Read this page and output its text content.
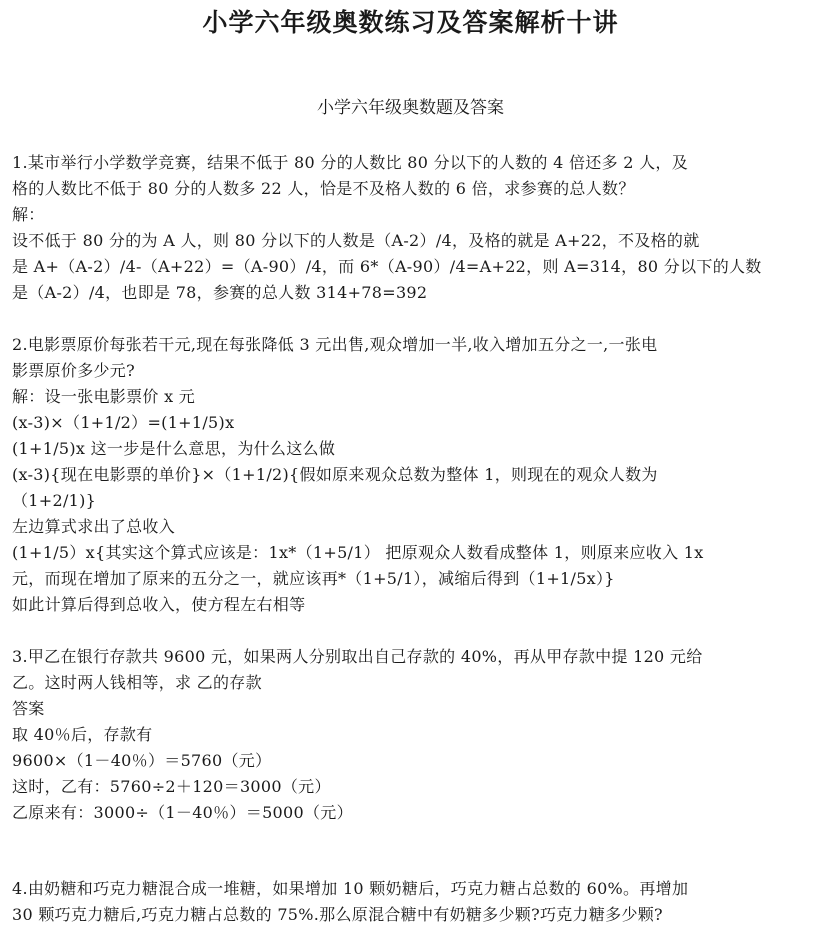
小学六年级奥数练习及答案解析十讲
小学六年级奥数题及答案
1.某市举行小学数学竞赛，结果不低于 80 分的人数比 80 分以下的人数的 4 倍还多 2 人，及
格的人数比不低于 80 分的人数多 22 人，恰是不及格人数的 6 倍，求参赛的总人数？
解：
设不低于 80 分的为 A 人，则 80 分以下的人数是（A-2）/4，及格的就是 A+22，不及格的就
是 A+（A-2）/4-（A+22）=（A-90）/4，而 6*（A-90）/4=A+22，则 A=314，80 分以下的人数
是（A-2）/4，也即是 78，参赛的总人数 314+78=392
2.电影票原价每张若干元,现在每张降低 3 元出售,观众增加一半,收入增加五分之一,一张电
影票原价多少元?
解：设一张电影票价 x 元
(x-3)×（1+1/2）=(1+1/5)x
(1+1/5)x 这一步是什么意思，为什么这么做
(x-3){现在电影票的单价}×（1+1/2){假如原来观众总数为整体 1，则现在的观众人数为
（1+2/1)}
左边算式求出了总收入
(1+1/5）x{其实这个算式应该是：1x*（1+5/1） 把原观众人数看成整体 1，则原来应收入 1x
元，而现在增加了原来的五分之一，就应该再*（1+5/1），减缩后得到（1+1/5x）}
如此计算后得到总收入，使方程左右相等
3.甲乙在银行存款共 9600 元，如果两人分别取出自己存款的 40%，再从甲存款中提 120 元给
乙。这时两人钱相等，求 乙的存款
答案
取 40％后，存款有
9600×（1－40％）＝5760（元）
这时，乙有：5760÷2＋120＝3000（元）
乙原来有：3000÷（1－40％）＝5000（元）
4.由奶糖和巧克力糖混合成一堆糖，如果增加 10 颗奶糖后，巧克力糖占总数的 60%。再增加
30 颗巧克力糖后,巧克力糖占总数的 75%.那么原混合糖中有奶糖多少颗?巧克力糖多少颗?
